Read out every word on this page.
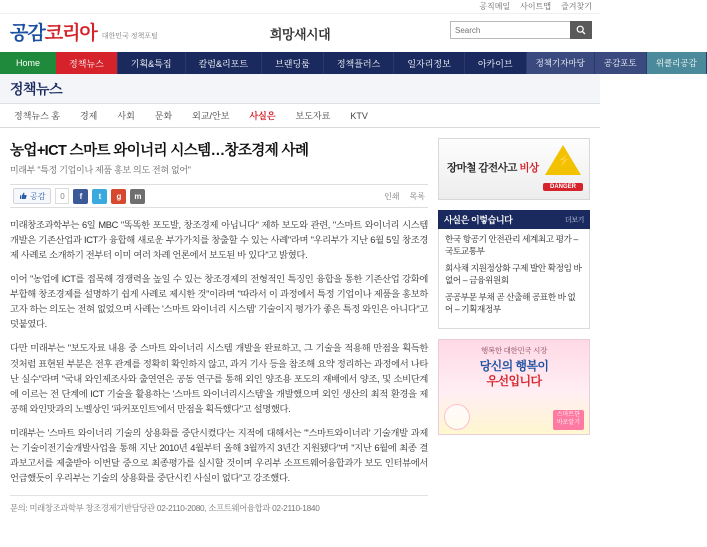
공직메일 사이트맵 즐겨찾기
공감코리아 대한민국 정책포털	희망새시대
Search
Home	정책뉴스	기획&특집	칼럼&리포트	브랜딩룸	정책플러스	일자리정보	아카이브	정책기자마당	공감포토	위클리공감
정책뉴스
정책뉴스 홈 경제 사회 문화 외교/안보 사실은 보도자료 KTV
농업+ICT 스마트 와이너리 시스템…창조경제 사례
미래부 "특정 기업이나 제품 홍보 의도 전혀 없어"
공감	0	f	t	g	m	인쇄 목록

미래창조과학부는 6일 MBC "똑똑한 포도발, 창조경제 아닙니다" 제하 보도와 관련, "스마트 와이너리 시스템 개발은 기존산업과 ICT가 융합해 새로운 부가가치를 창출할 수 있는 사례"라며 "우리부가 지난 6월 5일 창조경제 사례로 소개하기 전부터 이미 여러 차례 언론에서 보도된 바 있다"고 밝혔다.

이어 "농업에 ICT를 접목해 경쟁력을 높일 수 있는 창조경제의 전형적인 특징인 융합을 통한 기존산업 강화에 부합해 창조경제를 설명하기 쉽게 사례로 제시한 것"이라며 "따라서 이 과정에서 특정 기업이나 제품을 홍보하고자 하는 의도는 전혀 없었으며 사례는 '스마트 와이너리 시스템' 기술이지 평가가 좋은 특정 와인은 아니다"고 덧붙였다.

다만 미래부는 "보도자료 내용 중 스마트 와이너리 시스템 개발을 완료하고, 그 기술을 적용해 만점을 획득한 것처럼 표현된 부분은 전후 관계를 정확히 확인하지 않고, 과거 기사 등을 참조해 요약 정리하는 과정에서 나타난 실수"라며 "국내 와인제조사와 출연연은 공동 연구를 통해 외인 양조용 포도의 재배에서 양조, 및 소비단계에 이르는 전 단계에 ICT 기술을 활용하는 '스마트 와이너리시스템'을 개발했으며 외인 생산의 최적 환경을 제공해 와인맛과의 노벨상인 '파커포인트'에서 만점을 획득했다"고 설명했다.

미래부는 '스마트 와이너리 기술의 상용화를 중단시켰다'는 지적에 대해서는 "'스마트와이너리' 기술개발 과제는 기술이전기술개발사업을 통해 지난 2010년 4월부터 올해 3월까지 3년간 지원됐다"며 "지난 6월에 최종 결과보고서를 제출받아 이번달 중으로 최종평가를 실시할 것이며 우리부 소프트웨어융합과가 보도 인터뷰에서 언급했듯이 우리부는 기술의 상용화를 중단시킨 사실이 없다"고 강조했다.

문의: 미래창조과학부 창조경제기반담당관 02-2110-2080, 소프트웨어융합과 02-2110-1840
장마철 감전사고 비상
⚡
DANGER
사실은 이렇습니다	더보기
한국 항공기 안전관리 세계최고 평가 – 국토교통부
회사채 지원정상화 구제 발안 확정임 바 없어 – 금융위원회
공공부문 부채 곧 산출해 공표한 바 없어 – 기획재정부
행복한 대한민국 시장
당신의 행복이
우선입니다
스마트한
바로알기
